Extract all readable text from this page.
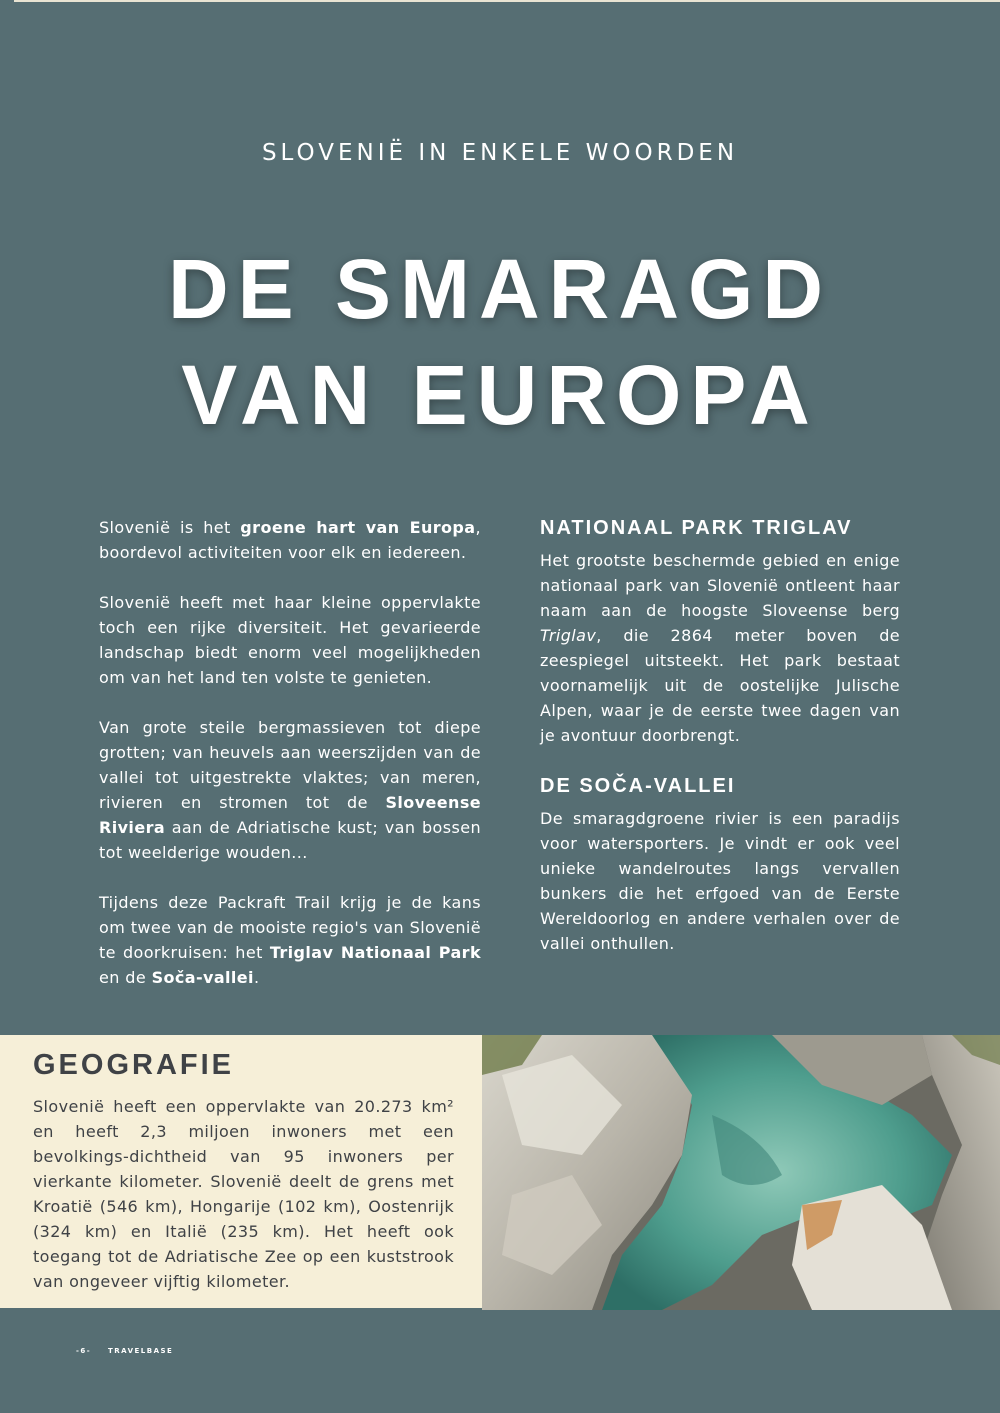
SLOVENIË IN ENKELE WOORDEN
DE SMARAGD
VAN EUROPA

Slovenië is het groene hart van Europa, boordevol activiteiten voor elk en iedereen.

Slovenië heeft met haar kleine oppervlakte toch een rijke diversiteit. Het gevarieerde landschap biedt enorm veel mogelijkheden om van het land ten volste te genieten.

Van grote steile bergmassieven tot diepe grotten; van heuvels aan weerszijden van de vallei tot uitgestrekte vlaktes; van meren, rivieren en stromen tot de Sloveense Riviera aan de Adriatische kust; van bossen tot weelderige wouden...

Tijdens deze Packraft Trail krijg je de kans om twee van de mooiste regio's van Slovenië te doorkruisen: het Triglav Nationaal Park en de Soča-vallei.

NATIONAAL PARK TRIGLAV

Het grootste beschermde gebied en enige nationaal park van Slovenië ontleent haar naam aan de hoogste Sloveense berg Triglav, die 2864 meter boven de zeespiegel uitsteekt. Het park bestaat voornamelijk uit de oostelijke Julische Alpen, waar je de eerste twee dagen van je avontuur doorbrengt.

DE SOČA-VALLEI

De smaragdgroene rivier is een paradijs voor watersporters. Je vindt er ook veel unieke wandelroutes langs vervallen bunkers die het erfgoed van de Eerste Wereldoorlog en andere verhalen over de vallei onthullen.

GEOGRAFIE

Slovenië heeft een oppervlakte van 20.273 km² en heeft 2,3 miljoen inwoners met een bevolkings-dichtheid van 95 inwoners per vierkante kilometer. Slovenië deelt de grens met Kroatië (546 km), Hongarije (102 km), Oostenrijk (324 km) en Italië (235 km). Het heeft ook toegang tot de Adriatische Zee op een kuststrook van ongeveer vijftig kilometer.

-6- TRAVELBASE
